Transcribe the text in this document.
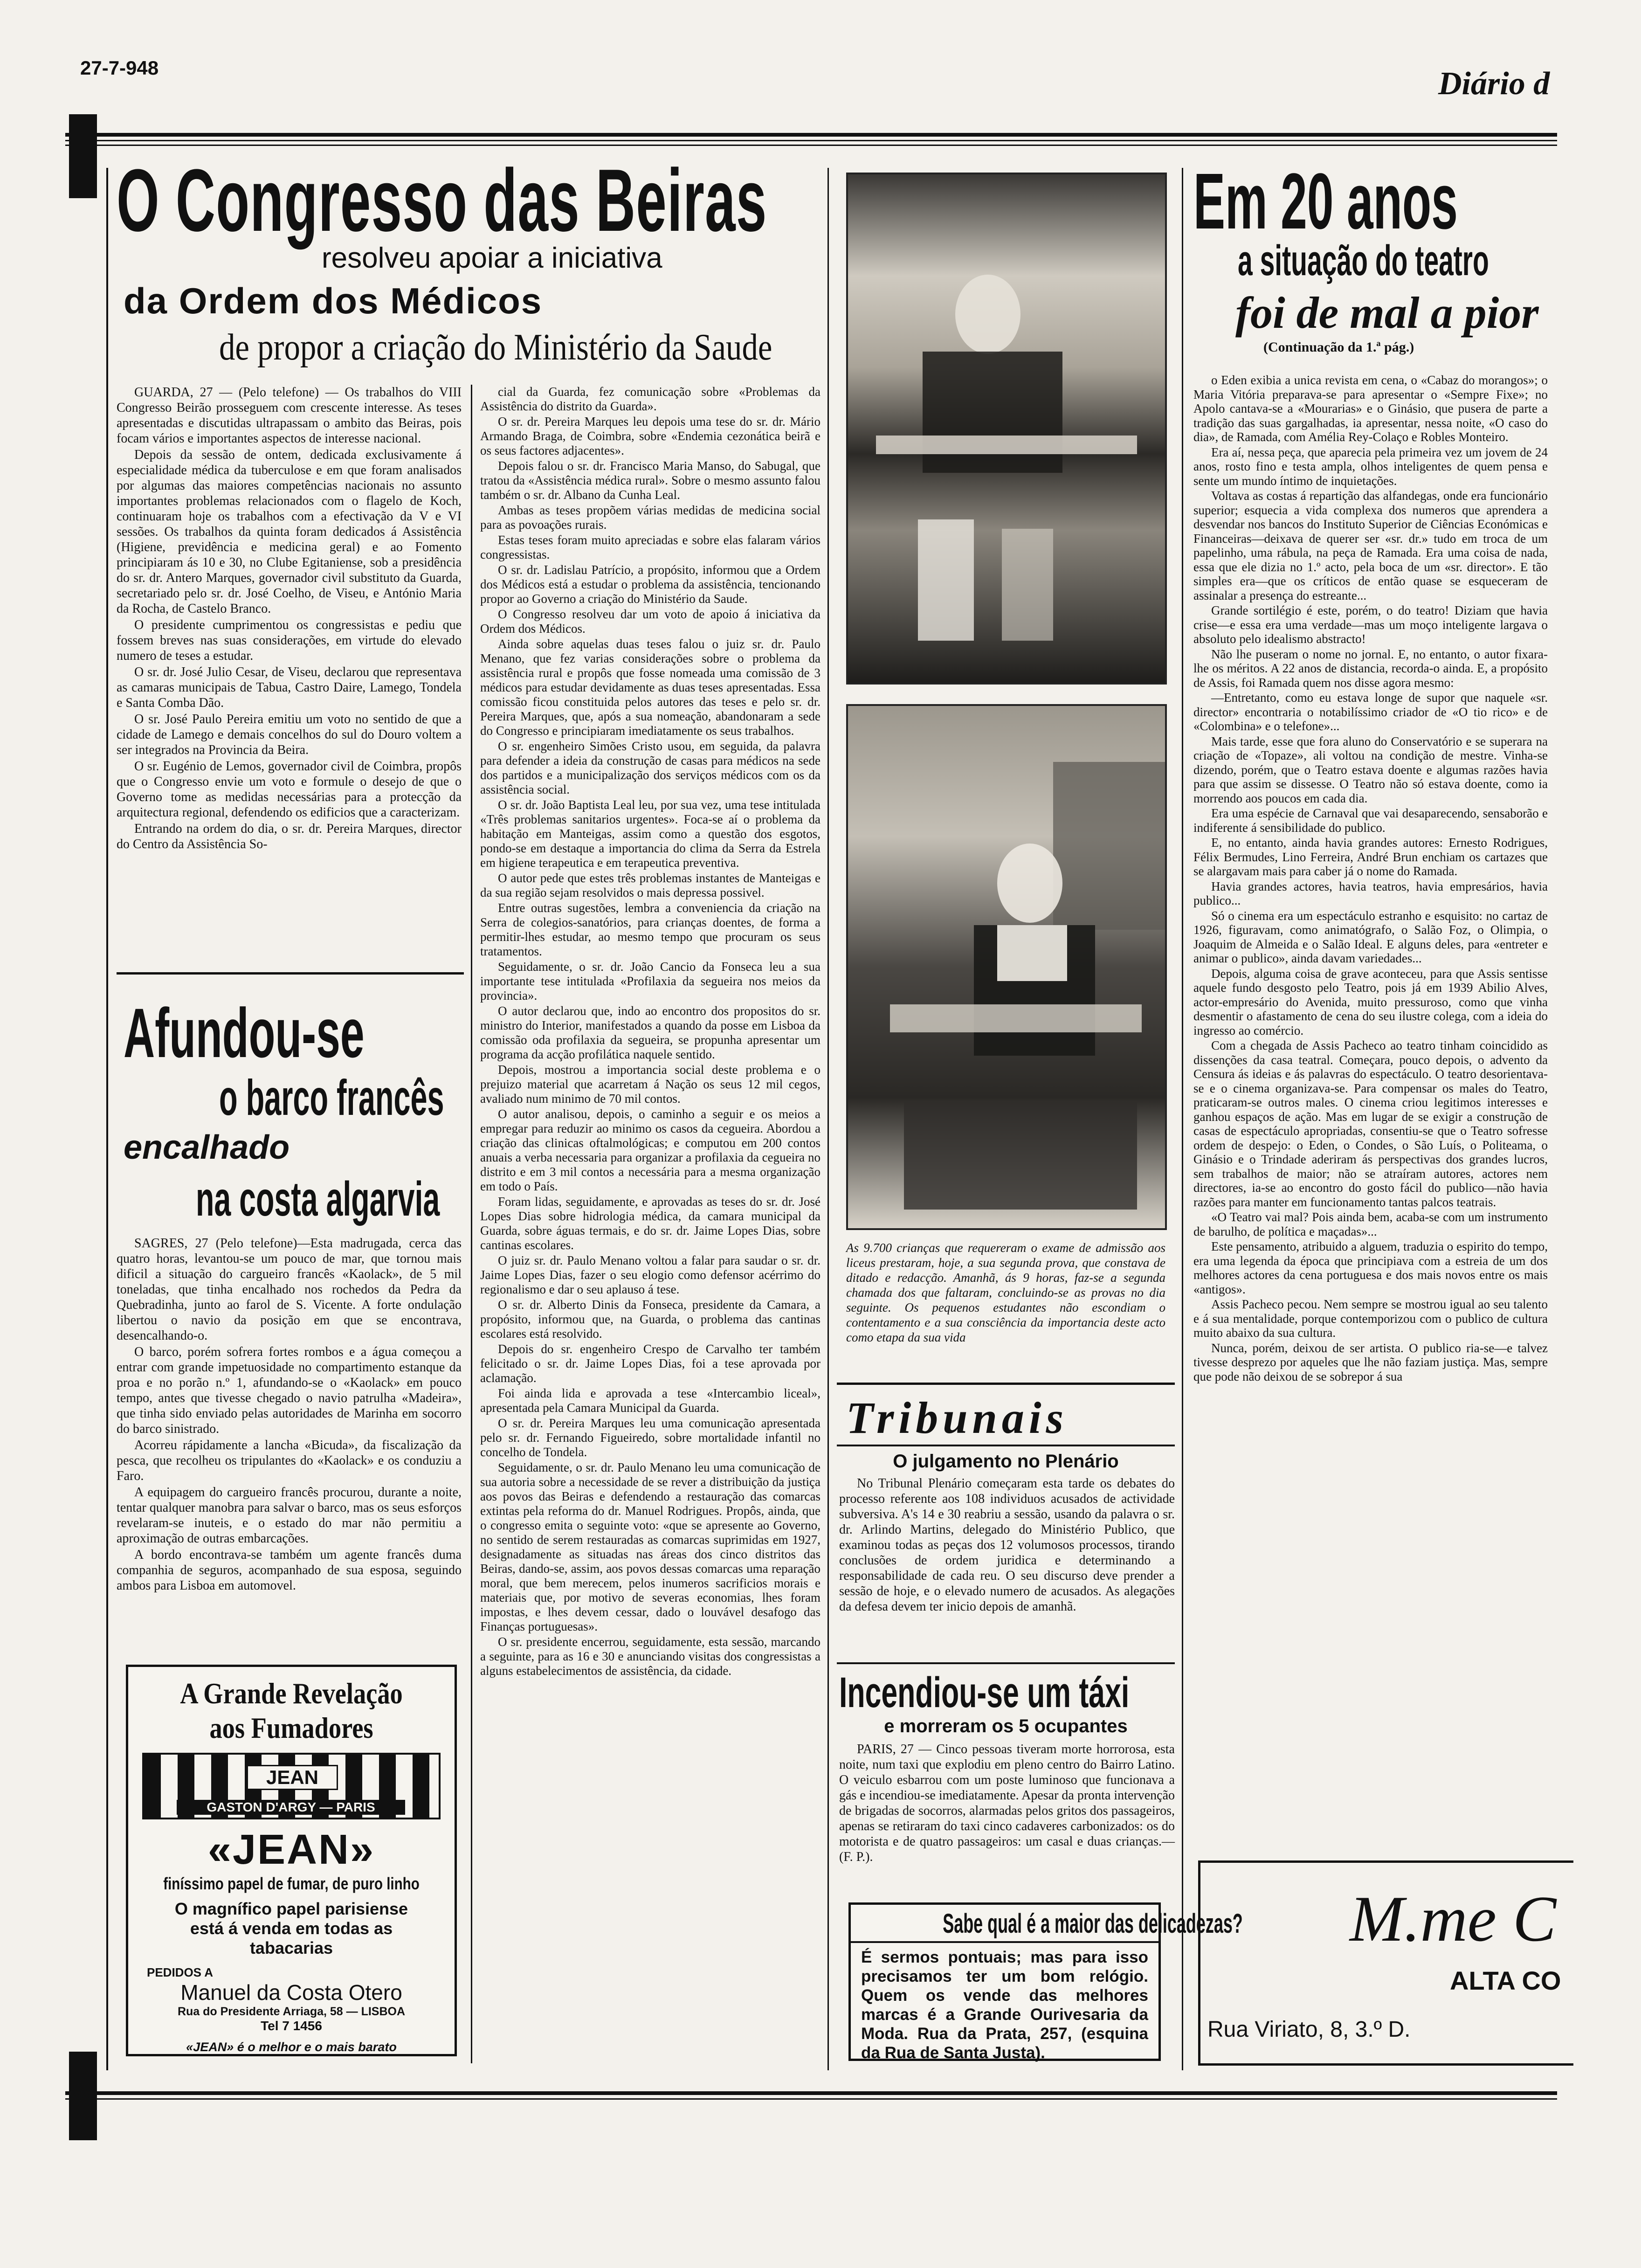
27-7-948	Diário d
O Congresso das Beiras
resolveu apoiar a iniciativa
da Ordem dos Médicos
de propor a criação do Ministério da Saude

GUARDA, 27 — (Pelo telefone) — Os trabalhos do VIII Congresso Beirão prosseguem com crescente interesse. As teses apresentadas e discutidas ultrapassam o ambito das Beiras, pois focam vários e importantes aspectos de interesse nacional.

Depois da sessão de ontem, dedicada exclusivamente á especialidade médica da tuberculose e em que foram analisados por algumas das maiores competências nacionais no assunto importantes problemas relacionados com o flagelo de Koch, continuaram hoje os trabalhos com a efectivação da V e VI sessões. Os trabalhos da quinta foram dedicados á Assistência (Higiene, previdência e medicina geral) e ao Fomento principiaram ás 10 e 30, no Clube Egitaniense, sob a presidência do sr. dr. Antero Marques, governador civil substituto da Guarda, secretariado pelo sr. dr. José Coelho, de Viseu, e António Maria da Rocha, de Castelo Branco.

O presidente cumprimentou os congressistas e pediu que fossem breves nas suas considerações, em virtude do elevado numero de teses a estudar.

O sr. dr. José Julio Cesar, de Viseu, declarou que representava as camaras municipais de Tabua, Castro Daire, Lamego, Tondela e Santa Comba Dão.

O sr. José Paulo Pereira emitiu um voto no sentido de que a cidade de Lamego e demais concelhos do sul do Douro voltem a ser integrados na Provincia da Beira.

O sr. Eugénio de Lemos, governador civil de Coimbra, propôs que o Congresso envie um voto e formule o desejo de que o Governo tome as medidas necessárias para a protecção da arquitectura regional, defendendo os edificios que a caracterizam.

Entrando na ordem do dia, o sr. dr. Pereira Marques, director do Centro da Assistência So-

cial da Guarda, fez comunicação sobre «Problemas da Assistência do distrito da Guarda».

O sr. dr. Pereira Marques leu depois uma tese do sr. dr. Mário Armando Braga, de Coimbra, sobre «Endemia cezonática beirã e os seus factores adjacentes».

Depois falou o sr. dr. Francisco Maria Manso, do Sabugal, que tratou da «Assistência médica rural». Sobre o mesmo assunto falou também o sr. dr. Albano da Cunha Leal.

Ambas as teses propõem várias medidas de medicina social para as povoações rurais.

Estas teses foram muito apreciadas e sobre elas falaram vários congressistas.

O sr. dr. Ladislau Patrício, a propósito, informou que a Ordem dos Médicos está a estudar o problema da assistência, tencionando propor ao Governo a criação do Ministério da Saude.

O Congresso resolveu dar um voto de apoio á iniciativa da Ordem dos Médicos.

Ainda sobre aquelas duas teses falou o juiz sr. dr. Paulo Menano, que fez varias considerações sobre o problema da assistência rural e propôs que fosse nomeada uma comissão de 3 médicos para estudar devidamente as duas teses apresentadas. Essa comissão ficou constituida pelos autores das teses e pelo sr. dr. Pereira Marques, que, após a sua nomeação, abandonaram a sede do Congresso e principiaram imediatamente os seus trabalhos.

O sr. engenheiro Simões Cristo usou, em seguida, da palavra para defender a ideia da construção de casas para médicos na sede dos partidos e a municipalização dos serviços médicos com os da assistência social.

O sr. dr. João Baptista Leal leu, por sua vez, uma tese intitulada «Três problemas sanitarios urgentes». Foca-se aí o problema da habitação em Manteigas, assim como a questão dos esgotos, pondo-se em destaque a importancia do clima da Serra da Estrela em higiene terapeutica e em terapeutica preventiva.

O autor pede que estes três problemas instantes de Manteigas e da sua região sejam resolvidos o mais depressa possivel.

Entre outras sugestões, lembra a conveniencia da criação na Serra de colegios-sanatórios, para crianças doentes, de forma a permitir-lhes estudar, ao mesmo tempo que procuram os seus tratamentos.

Seguidamente, o sr. dr. João Cancio da Fonseca leu a sua importante tese intitulada «Profilaxia da segueira nos meios da provincia».

O autor declarou que, indo ao encontro dos propositos do sr. ministro do Interior, manifestados a quando da posse em Lisboa da comissão oda profilaxia da segueira, se propunha apresentar um programa da acção profilática naquele sentido.

Depois, mostrou a importancia social deste problema e o prejuizo material que acarretam á Nação os seus 12 mil cegos, avaliado num minimo de 70 mil contos.

O autor analisou, depois, o caminho a seguir e os meios a empregar para reduzir ao minimo os casos da cegueira. Abordou a criação das clinicas oftalmológicas; e computou em 200 contos anuais a verba necessaria para organizar a profilaxia da cegueira no distrito e em 3 mil contos a necessária para a mesma organização em todo o País.

Foram lidas, seguidamente, e aprovadas as teses do sr. dr. José Lopes Dias sobre hidrologia médica, da camara municipal da Guarda, sobre águas termais, e do sr. dr. Jaime Lopes Dias, sobre cantinas escolares.

O juiz sr. dr. Paulo Menano voltou a falar para saudar o sr. dr. Jaime Lopes Dias, fazer o seu elogio como defensor acérrimo do regionalismo e dar o seu aplauso á tese.

O sr. dr. Alberto Dinis da Fonseca, presidente da Camara, a propósito, informou que, na Guarda, o problema das cantinas escolares está resolvido.

Depois do sr. engenheiro Crespo de Carvalho ter também felicitado o sr. dr. Jaime Lopes Dias, foi a tese aprovada por aclamação.

Foi ainda lida e aprovada a tese «Intercambio liceal», apresentada pela Camara Municipal da Guarda.

O sr. dr. Pereira Marques leu uma comunicação apresentada pelo sr. dr. Fernando Figueiredo, sobre mortalidade infantil no concelho de Tondela.

Seguidamente, o sr. dr. Paulo Menano leu uma comunicação de sua autoria sobre a necessidade de se rever a distribuição da justiça aos povos das Beiras e defendendo a restauração das comarcas extintas pela reforma do dr. Manuel Rodrigues. Propôs, ainda, que o congresso emita o seguinte voto: «que se apresente ao Governo, no sentido de serem restauradas as comarcas suprimidas em 1927, designadamente as situadas nas áreas dos cinco distritos das Beiras, dando-se, assim, aos povos dessas comarcas uma reparação moral, que bem merecem, pelos inumeros sacrificios morais e materiais que, por motivo de severas economias, lhes foram impostas, e lhes devem cessar, dado o louvável desafogo das Finanças portuguesas».

O sr. presidente encerrou, seguidamente, esta sessão, marcando a seguinte, para as 16 e 30 e anunciando visitas dos congressistas a alguns estabelecimentos de assistência, da cidade.

Afundou-se
o barco francês
encalhado
na costa algarvia

SAGRES, 27 (Pelo telefone)—Esta madrugada, cerca das quatro horas, levantou-se um pouco de mar, que tornou mais dificil a situação do cargueiro francês «Kaolack», de 5 mil toneladas, que tinha encalhado nos rochedos da Pedra da Quebradinha, junto ao farol de S. Vicente. A forte ondulação libertou o navio da posição em que se encontrava, desencalhando-o.

O barco, porém sofrera fortes rombos e a água começou a entrar com grande impetuosidade no compartimento estanque da proa e no porão n.º 1, afundando-se o «Kaolack» em pouco tempo, antes que tivesse chegado o navio patrulha «Madeira», que tinha sido enviado pelas autoridades de Marinha em socorro do barco sinistrado.

Acorreu rápidamente a lancha «Bicuda», da fiscalização da pesca, que recolheu os tripulantes do «Kaolack» e os conduziu a Faro.

A equipagem do cargueiro francês procurou, durante a noite, tentar qualquer manobra para salvar o barco, mas os seus esforços revelaram-se inuteis, e o estado do mar não permitiu a aproximação de outras embarcações.

A bordo encontrava-se também um agente francês duma companhia de seguros, acompanhado de sua esposa, seguindo ambos para Lisboa em automovel.

A Grande Revelação
aos Fumadores
JEAN
GASTON D'ARGY — PARIS
«JEAN»
finíssimo papel de fumar, de puro linho
O magnífico papel parisiense
está á venda em todas as
tabacarias
PEDIDOS A
Manuel da Costa Otero
Rua do Presidente Arriaga, 58 — LISBOA
Tel 7 1456
«JEAN» é o melhor e o mais barato
As 9.700 crianças que requereram o exame de admissão aos liceus prestaram, hoje, a sua segunda prova, que constava de ditado e redacção. Amanhã, ás 9 horas, faz-se a segunda chamada dos que faltaram, concluindo-se as provas no dia seguinte. Os pequenos estudantes não escondiam o contentamento e a sua consciência da importancia deste acto como etapa da sua vida
Tribunais
O julgamento no Plenário

No Tribunal Plenário começaram esta tarde os debates do processo referente aos 108 individuos acusados de actividade subversiva. A's 14 e 30 reabriu a sessão, usando da palavra o sr. dr. Arlindo Martins, delegado do Ministério Publico, que examinou todas as peças dos 12 volumosos processos, tirando conclusões de ordem juridica e determinando a responsabilidade de cada reu. O seu discurso deve prender a sessão de hoje, e o elevado numero de acusados. As alegações da defesa devem ter inicio depois de amanhã.

Incendiou-se um táxi
e morreram os 5 ocupantes

PARIS, 27 — Cinco pessoas tiveram morte horrorosa, esta noite, num taxi que explodiu em pleno centro do Bairro Latino. O veiculo esbarrou com um poste luminoso que funcionava a gás e incendiou-se imediatamente. Apesar da pronta intervenção de brigadas de socorros, alarmadas pelos gritos dos passageiros, apenas se retiraram do taxi cinco cadaveres carbonizados: os do motorista e de quatro passageiros: um casal e duas crianças.—(F. P.).

Sabe qual é a maior das delicadezas?
É sermos pontuais; mas para isso precisamos ter um bom relógio. Quem os vende das melhores marcas é a Grande Ourivesaria da Moda. Rua da Prata, 257, (esquina da Rua de Santa Justa).
Em 20 anos
a situação do teatro
foi de mal a pior
(Continuação da 1.ª pág.)

o Eden exibia a unica revista em cena, o «Cabaz do morangos»; o Maria Vitória preparava-se para apresentar o «Sempre Fixe»; no Apolo cantava-se a «Mourarias» e o Ginásio, que pusera de parte a tradição das suas gargalhadas, ia apresentar, nessa noite, «O caso do dia», de Ramada, com Amélia Rey-Colaço e Robles Monteiro.

Era aí, nessa peça, que aparecia pela primeira vez um jovem de 24 anos, rosto fino e testa ampla, olhos inteligentes de quem pensa e sente um mundo íntimo de inquietações.

Voltava as costas á repartição das alfandegas, onde era funcionário superior; esquecia a vida complexa dos numeros que aprendera a desvendar nos bancos do Instituto Superior de Ciências Económicas e Financeiras—deixava de querer ser «sr. dr.» tudo em troca de um papelinho, uma rábula, na peça de Ramada. Era uma coisa de nada, essa que ele dizia no 1.º acto, pela boca de um «sr. director». E tão simples era—que os críticos de então quase se esqueceram de assinalar a presença do estreante...

Grande sortilégio é este, porém, o do teatro! Diziam que havia crise—e essa era uma verdade—mas um moço inteligente largava o absoluto pelo idealismo abstracto!

Não lhe puseram o nome no jornal. E, no entanto, o autor fixara-lhe os méritos. A 22 anos de distancia, recorda-o ainda. E, a propósito de Assis, foi Ramada quem nos disse agora mesmo:

—Entretanto, como eu estava longe de supor que naquele «sr. director» encontraria o notabilíssimo criador de «O tio rico» e de «Colombina» e o telefone»...

Mais tarde, esse que fora aluno do Conservatório e se superara na criação de «Topaze», ali voltou na condição de mestre. Vinha-se dizendo, porém, que o Teatro estava doente e algumas razões havia para que assim se dissesse. O Teatro não só estava doente, como ia morrendo aos poucos em cada dia.

Era uma espécie de Carnaval que vai desaparecendo, sensaborão e indiferente á sensibilidade do publico.

E, no entanto, ainda havia grandes autores: Ernesto Rodrigues, Félix Bermudes, Lino Ferreira, André Brun enchiam os cartazes que se alargavam mais para caber já o nome do Ramada.

Havia grandes actores, havia teatros, havia empresários, havia publico...

Só o cinema era um espectáculo estranho e esquisito: no cartaz de 1926, figuravam, como animatógrafo, o Salão Foz, o Olimpia, o Joaquim de Almeida e o Salão Ideal. E alguns deles, para «entreter e animar o publico», ainda davam variedades...

Depois, alguma coisa de grave aconteceu, para que Assis sentisse aquele fundo desgosto pelo Teatro, pois já em 1939 Abilio Alves, actor-empresário do Avenida, muito pressuroso, como que vinha desmentir o afastamento de cena do seu ilustre colega, com a ideia do ingresso ao comércio.

Com a chegada de Assis Pacheco ao teatro tinham coincidido as dissenções da casa teatral. Começara, pouco depois, o advento da Censura ás ideias e ás palavras do espectáculo. O teatro desorientava-se e o cinema organizava-se. Para compensar os males do Teatro, praticaram-se outros males. O cinema criou legitimos interesses e ganhou espaços de ação. Mas em lugar de se exigir a construção de casas de espectáculo apropriadas, consentiu-se que o Teatro sofresse ordem de despejo: o Eden, o Condes, o São Luís, o Politeama, o Ginásio e o Trindade aderiram ás perspectivas dos grandes lucros, sem trabalhos de maior; não se atraíram autores, actores nem directores, ia-se ao encontro do gosto fácil do publico—não havia razões para manter em funcionamento tantas palcos teatrais.

«O Teatro vai mal? Pois ainda bem, acaba-se com um instrumento de barulho, de política e maçadas»...

Este pensamento, atribuido a alguem, traduzia o espirito do tempo, era uma legenda da época que principiava com a estreia de um dos melhores actores da cena portuguesa e dos mais novos entre os mais «antigos».

Assis Pacheco pecou. Nem sempre se mostrou igual ao seu talento e á sua mentalidade, porque contemporizou com o publico de cultura muito abaixo da sua cultura.

Nunca, porém, deixou de ser artista. O publico ria-se—e talvez tivesse desprezo por aqueles que lhe não faziam justiça. Mas, sempre que pode não deixou de se sobrepor á sua

M.me C
ALTA CO
Rua Viriato, 8, 3.º D.
